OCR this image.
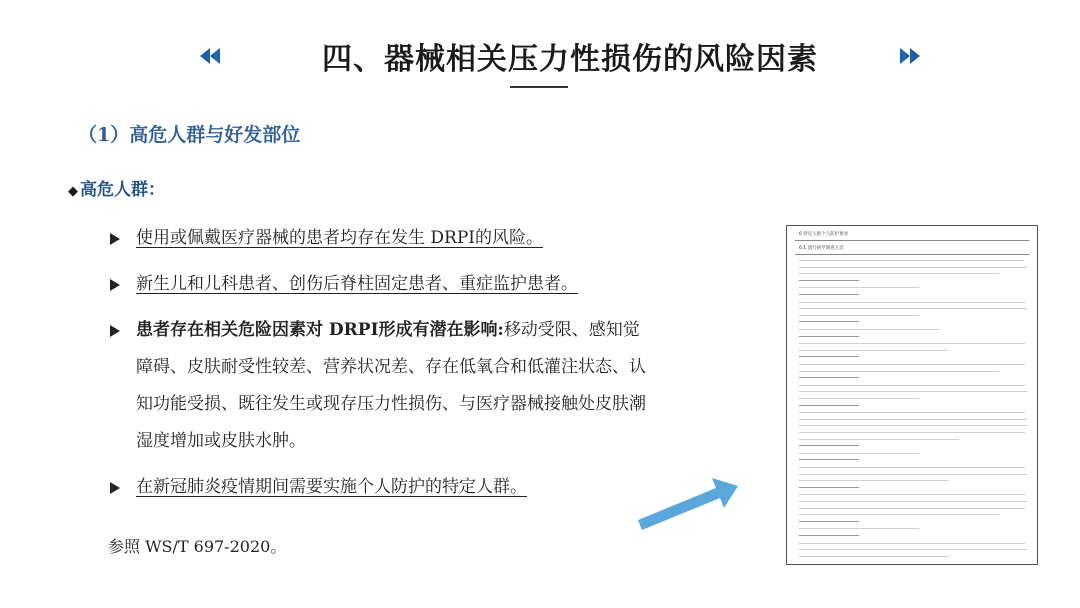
四、器械相关压力性损伤的风险因素
（1）高危人群与好发部位
◆ 高危人群：
使用或佩戴医疗器械的患者均存在发生 DRPI的风险。
新生儿和儿科患者、创伤后脊柱固定患者、重症监护患者。
患者存在相关危险因素对 DRPI形成有潜在影响:移动受限、感知觉障碍、皮肤耐受性较差、营养状况差、存在低氧合和低灌注状态、认知功能受损、既往发生或现存压力性损伤、与医疗器械接触处皮肤潮湿度增加或皮肤水肿。
在新冠肺炎疫情期间需要实施个人防护的特定人群。
参照 WS/T 697-2020。
6 特定人群个人防护要求
6.1 流行病学调查人员
